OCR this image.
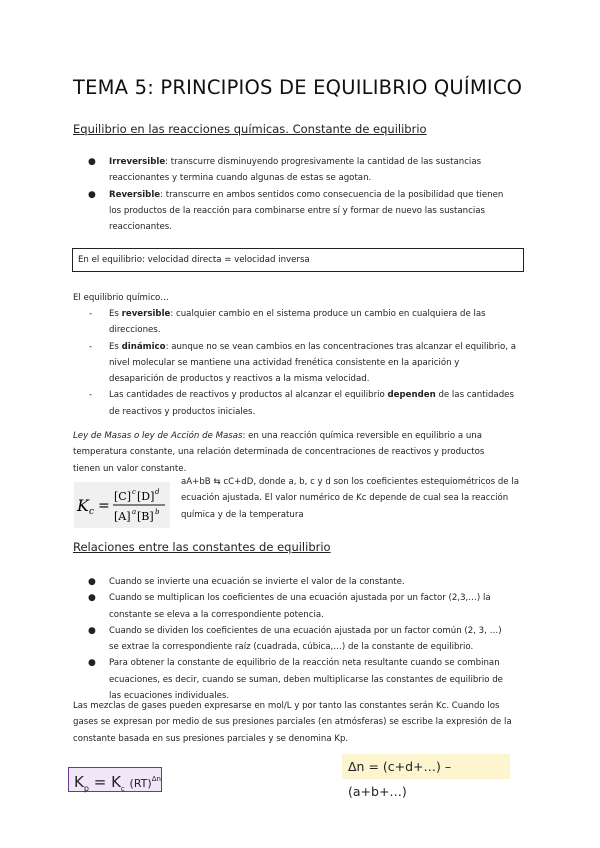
TEMA 5: PRINCIPIOS DE EQUILIBRIO QUÍMICO
Equilibrio en las reacciones químicas. Constante de equilibrio
● Irreversible: transcurre disminuyendo progresivamente la cantidad de las sustancias
reaccionantes y termina cuando algunas de estas se agotan.
● Reversible: transcurre en ambos sentidos como consecuencia de la posibilidad que tienen
los productos de la reacción para combinarse entre sí y formar de nuevo las sustancias
reaccionantes.
En el equilibrio: velocidad directa = velocidad inversa
El equilibrio químico…
- Es reversible: cualquier cambio en el sistema produce un cambio en cualquiera de las
direcciones.
- Es dinámico: aunque no se vean cambios en las concentraciones tras alcanzar el equilibrio, a
nivel molecular se mantiene una actividad frenética consistente en la aparición y
desaparición de productos y reactivos a la misma velocidad.
- Las cantidades de reactivos y productos al alcanzar el equilibrio dependen de las cantidades
de reactivos y productos iniciales.
Ley de Masas o ley de Acción de Masas: en una reacción química reversible en equilibrio a una
temperatura constante, una relación determinada de concentraciones de reactivos y productos
tienen un valor constante.
K c =
[C] c [D] d
[A] a [B] b
aA+bB ⇆ cC+dD, donde a, b, c y d son los coeficientes estequiométricos de la
ecuación ajustada. El valor numérico de Kc depende de cual sea la reacción
química y de la temperatura
Relaciones entre las constantes de equilibrio
● Cuando se invierte una ecuación se invierte el valor de la constante.
● Cuando se multiplican los coeficientes de una ecuación ajustada por un factor (2,3,…) la
constante se eleva a la correspondiente potencia.
● Cuando se dividen los coeficientes de una ecuación ajustada por un factor común (2, 3, …)
se extrae la correspondiente raíz (cuadrada, cúbica,…) de la constante de equilibrio.
● Para obtener la constante de equilibrio de la reacción neta resultante cuando se combinan
ecuaciones, es decir, cuando se suman, deben multiplicarse las constantes de equilibrio de
las ecuaciones individuales.
Las mezclas de gases pueden expresarse en mol/L y por tanto las constantes serán Kc. Cuando los
gases se expresan por medio de sus presiones parciales (en atmósferas) se escribe la expresión de la
constante basada en sus presiones parciales y se denomina Kp.
Δn = (c+d+…) – (a+b+…)
$K_p = K_c$ (RT)$^{\Delta n}$
